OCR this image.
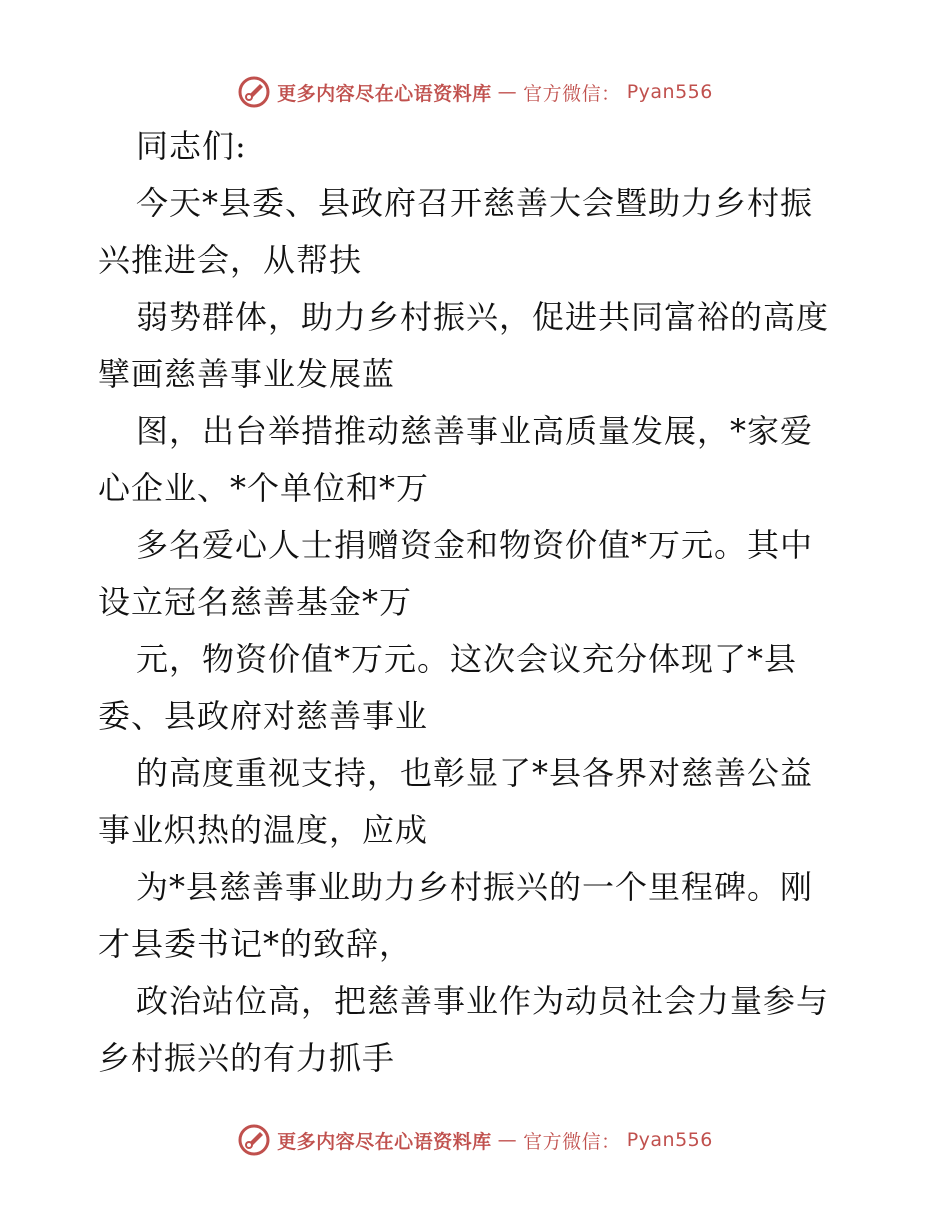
更多内容尽在心语资料库 — 官方微信： Pyan556
同志们:
今天*县委、县政府召开慈善大会暨助力乡村振
兴推进会，从帮扶
弱势群体，助力乡村振兴，促进共同富裕的高度
擘画慈善事业发展蓝
图，出台举措推动慈善事业高质量发展，*家爱
心企业、*个单位和*万
多名爱心人士捐赠资金和物资价值*万元。其中
设立冠名慈善基金*万
元，物资价值*万元。这次会议充分体现了*县
委、县政府对慈善事业
的高度重视支持，也彰显了*县各界对慈善公益
事业炽热的温度，应成
为*县慈善事业助力乡村振兴的一个里程碑。刚
才县委书记*的致辞，
政治站位高，把慈善事业作为动员社会力量参与
乡村振兴的有力抓手
更多内容尽在心语资料库 — 官方微信： Pyan556
